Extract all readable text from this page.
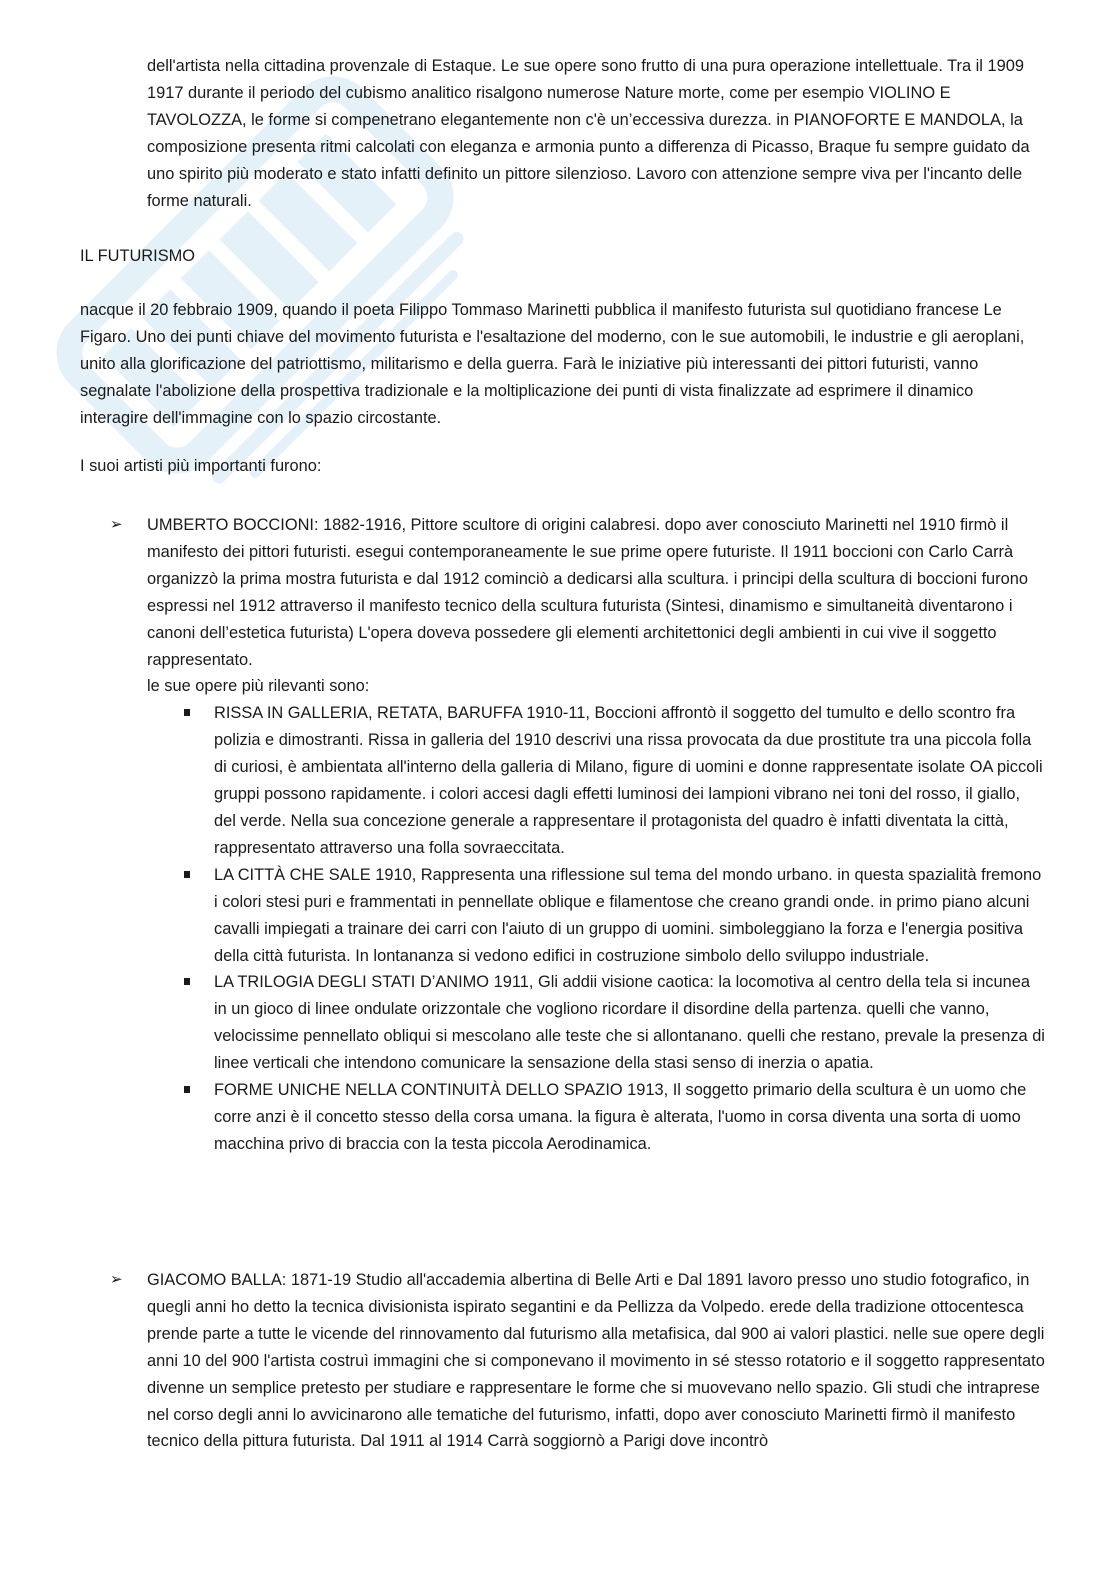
dell'artista nella cittadina provenzale di Estaque. Le sue opere sono frutto di una pura operazione intellettuale. Tra il 1909 1917 durante il periodo del cubismo analitico risalgono numerose Nature morte, come per esempio VIOLINO E TAVOLOZZA, le forme si compenetrano elegantemente non c'è un’eccessiva durezza. in PIANOFORTE E MANDOLA, la composizione presenta ritmi calcolati con eleganza e armonia punto a differenza di Picasso, Braque fu sempre guidato da uno spirito più moderato e stato infatti definito un pittore silenzioso. Lavoro con attenzione sempre viva per l'incanto delle forme naturali.

IL FUTURISMO

nacque il 20 febbraio 1909, quando il poeta Filippo Tommaso Marinetti pubblica il manifesto futurista sul quotidiano francese Le Figaro. Uno dei punti chiave del movimento futurista e l'esaltazione del moderno, con le sue automobili, le industrie e gli aeroplani, unito alla glorificazione del patriottismo, militarismo e della guerra. Farà le iniziative più interessanti dei pittori futuristi, vanno segnalate l'abolizione della prospettiva tradizionale e la moltiplicazione dei punti di vista finalizzate ad esprimere il dinamico interagire dell'immagine con lo spazio circostante.

I suoi artisti più importanti furono:

➢	UMBERTO BOCCIONI: 1882-1916, Pittore scultore di origini calabresi. dopo aver conosciuto Marinetti nel 1910 firmò il manifesto dei pittori futuristi. esegui contemporaneamente le sue prime opere futuriste. Il 1911 boccioni con Carlo Carrà organizzò la prima mostra futurista e dal 1912 cominciò a dedicarsi alla scultura. i principi della scultura di boccioni furono espressi nel 1912 attraverso il manifesto tecnico della scultura futurista (Sintesi, dinamismo e simultaneità diventarono i canoni dell’estetica futurista) L'opera doveva possedere gli elementi architettonici degli ambienti in cui vive il soggetto rappresentato.

le sue opere più rilevanti sono:

RISSA IN GALLERIA, RETATA, BARUFFA 1910-11, Boccioni affrontò il soggetto del tumulto e dello scontro fra polizia e dimostranti. Rissa in galleria del 1910 descrivi una rissa provocata da due prostitute tra una piccola folla di curiosi, è ambientata all'interno della galleria di Milano, figure di uomini e donne rappresentate isolate OA piccoli gruppi possono rapidamente. i colori accesi dagli effetti luminosi dei lampioni vibrano nei toni del rosso, il giallo, del verde. Nella sua concezione generale a rappresentare il protagonista del quadro è infatti diventata la città, rappresentato attraverso una folla sovraeccitata.

LA CITTÀ CHE SALE 1910, Rappresenta una riflessione sul tema del mondo urbano. in questa spazialità fremono i colori stesi puri e frammentati in pennellate oblique e filamentose che creano grandi onde. in primo piano alcuni cavalli impiegati a trainare dei carri con l'aiuto di un gruppo di uomini. simboleggiano la forza e l'energia positiva della città futurista. In lontananza si vedono edifici in costruzione simbolo dello sviluppo industriale.

LA TRILOGIA DEGLI STATI D’ANIMO 1911, Gli addii visione caotica: la locomotiva al centro della tela si incunea in un gioco di linee ondulate orizzontale che vogliono ricordare il disordine della partenza. quelli che vanno, velocissime pennellato obliqui si mescolano alle teste che si allontanano. quelli che restano, prevale la presenza di linee verticali che intendono comunicare la sensazione della stasi senso di inerzia o apatia.

FORME UNICHE NELLA CONTINUITÀ DELLO SPAZIO 1913, Il soggetto primario della scultura è un uomo che corre anzi è il concetto stesso della corsa umana. la figura è alterata, l'uomo in corsa diventa una sorta di uomo macchina privo di braccia con la testa piccola Aerodinamica.

➢	GIACOMO BALLA: 1871-19 Studio all'accademia albertina di Belle Arti e Dal 1891 lavoro presso uno studio fotografico, in quegli anni ho detto la tecnica divisionista ispirato segantini e da Pellizza da Volpedo. erede della tradizione ottocentesca prende parte a tutte le vicende del rinnovamento dal futurismo alla metafisica, dal 900 ai valori plastici. nelle sue opere degli anni 10 del 900 l'artista costruì immagini che si componevano il movimento in sé stesso rotatorio e il soggetto rappresentato divenne un semplice pretesto per studiare e rappresentare le forme che si muovevano nello spazio. Gli studi che intraprese nel corso degli anni lo avvicinarono alle tematiche del futurismo, infatti, dopo aver conosciuto Marinetti firmò il manifesto tecnico della pittura futurista. Dal 1911 al 1914 Carrà soggiornò a Parigi dove incontrò
